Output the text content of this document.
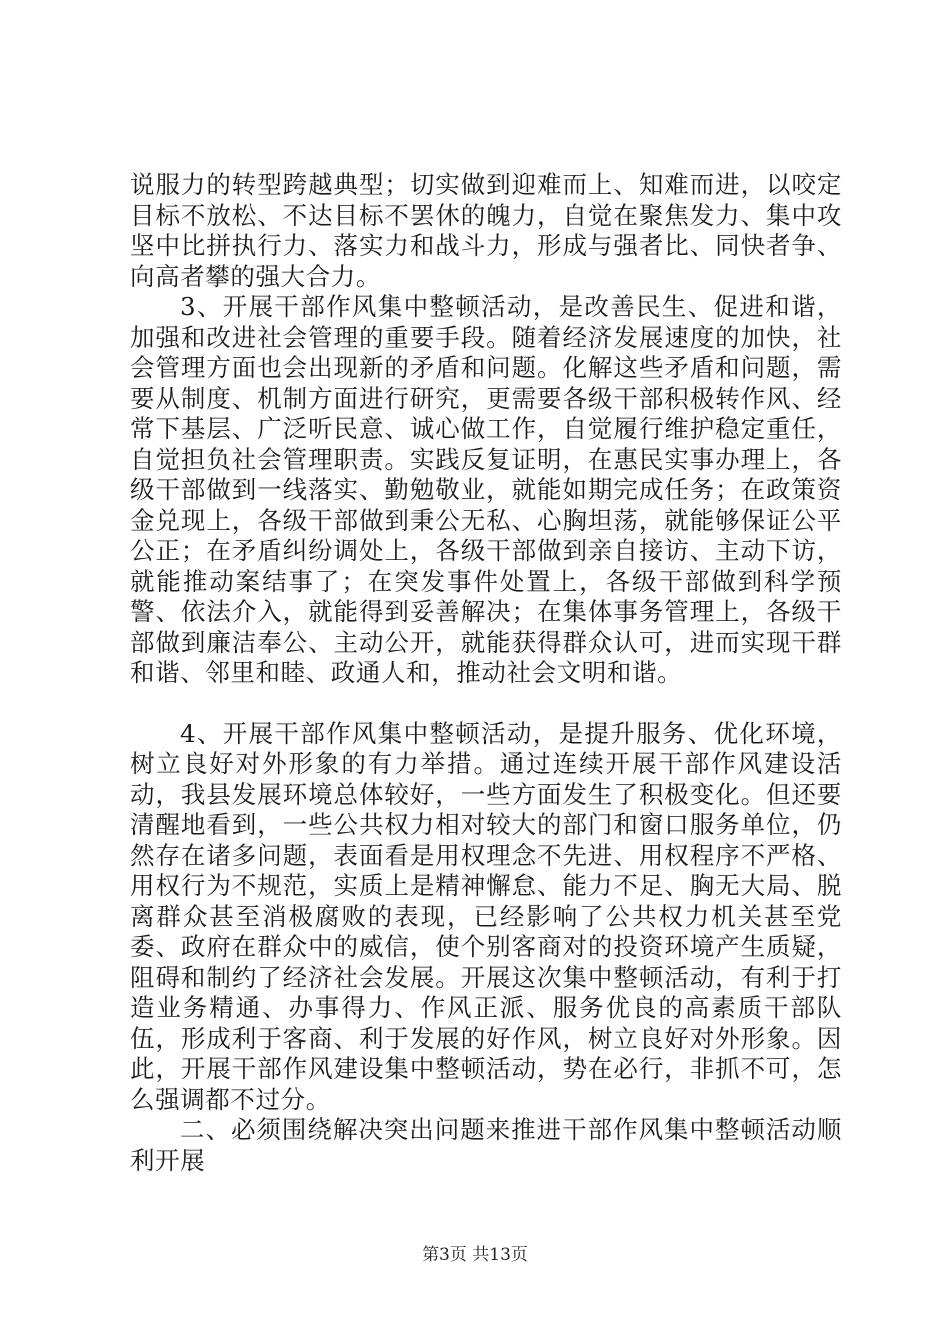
说服力的转型跨越典型；切实做到迎难而上、知难而进，以咬定目标不放松、不达目标不罢休的魄力，自觉在聚焦发力、集中攻坚中比拼执行力、落实力和战斗力，形成与强者比、同快者争、向高者攀的强大合力。

3、开展干部作风集中整顿活动，是改善民生、促进和谐，加强和改进社会管理的重要手段。随着经济发展速度的加快，社会管理方面也会出现新的矛盾和问题。化解这些矛盾和问题，需要从制度、机制方面进行研究，更需要各级干部积极转作风、经常下基层、广泛听民意、诚心做工作，自觉履行维护稳定重任，自觉担负社会管理职责。实践反复证明，在惠民实事办理上，各级干部做到一线落实、勤勉敬业，就能如期完成任务；在政策资金兑现上，各级干部做到秉公无私、心胸坦荡，就能够保证公平公正；在矛盾纠纷调处上，各级干部做到亲自接访、主动下访，就能推动案结事了；在突发事件处置上，各级干部做到科学预警、依法介入，就能得到妥善解决；在集体事务管理上，各级干部做到廉洁奉公、主动公开，就能获得群众认可，进而实现干群和谐、邻里和睦、政通人和，推动社会文明和谐。

4、开展干部作风集中整顿活动，是提升服务、优化环境，树立良好对外形象的有力举措。通过连续开展干部作风建设活动，我县发展环境总体较好，一些方面发生了积极变化。但还要清醒地看到，一些公共权力相对较大的部门和窗口服务单位，仍然存在诸多问题，表面看是用权理念不先进、用权程序不严格、用权行为不规范，实质上是精神懈怠、能力不足、胸无大局、脱离群众甚至消极腐败的表现，已经影响了公共权力机关甚至党委、政府在群众中的威信，使个别客商对的投资环境产生质疑，阻碍和制约了经济社会发展。开展这次集中整顿活动，有利于打造业务精通、办事得力、作风正派、服务优良的高素质干部队伍，形成利于客商、利于发展的好作风，树立良好对外形象。因此，开展干部作风建设集中整顿活动，势在必行，非抓不可，怎么强调都不过分。

二、必须围绕解决突出问题来推进干部作风集中整顿活动顺利开展

第3页 共13页
